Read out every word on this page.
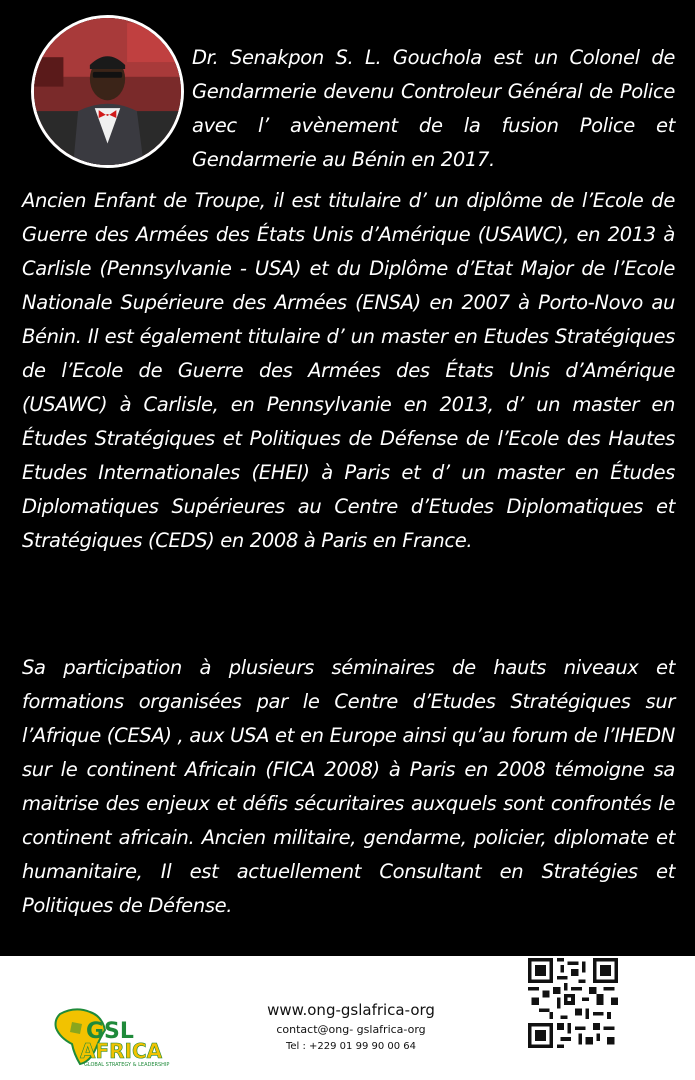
Dr. Senakpon S. L. Gouchola est un Colonel de Gendarmerie devenu Controleur Général de Police avec l’ avènement de la fusion Police et Gendarmerie au Bénin en 2017.

Ancien Enfant de Troupe, il est titulaire d’ un diplôme de l’Ecole de Guerre des Armées des États Unis d’Amérique (USAWC), en 2013 à Carlisle (Pennsylvanie - USA) et du Diplôme d’Etat Major de l’Ecole Nationale Supérieure des Armées (ENSA) en 2007 à Porto-Novo au Bénin. Il est également titulaire d’ un master en Etudes Stratégiques de l’Ecole de Guerre des Armées des États Unis d’Amérique (USAWC) à Carlisle, en Pennsylvanie en 2013, d’ un master en Études Stratégiques et Politiques de Défense de l’Ecole des Hautes Etudes Internationales (EHEI) à Paris et d’ un master en Études Diplomatiques Supérieures au Centre d’Etudes Diplomatiques et Stratégiques (CEDS) en 2008 à Paris en France.

Sa participation à plusieurs séminaires de hauts niveaux et formations organisées par le Centre d’Etudes Stratégiques sur l’Afrique (CESA) , aux USA et en Europe ainsi qu’au forum de l’IHEDN sur le continent Africain (FICA 2008) à Paris en 2008 témoigne sa maitrise des enjeux et défis sécuritaires auxquels sont confrontés le continent africain. Ancien militaire, gendarme, policier, diplomate et humanitaire, Il est actuellement Consultant en Stratégies et Politiques de Défense.

GSL
AFRICA
GLOBAL STRATEGY & LEADERSHIP
www.ong-gslafrica-org
contact@ong- gslafrica-org
Tel : +229 01 99 90 00 64
